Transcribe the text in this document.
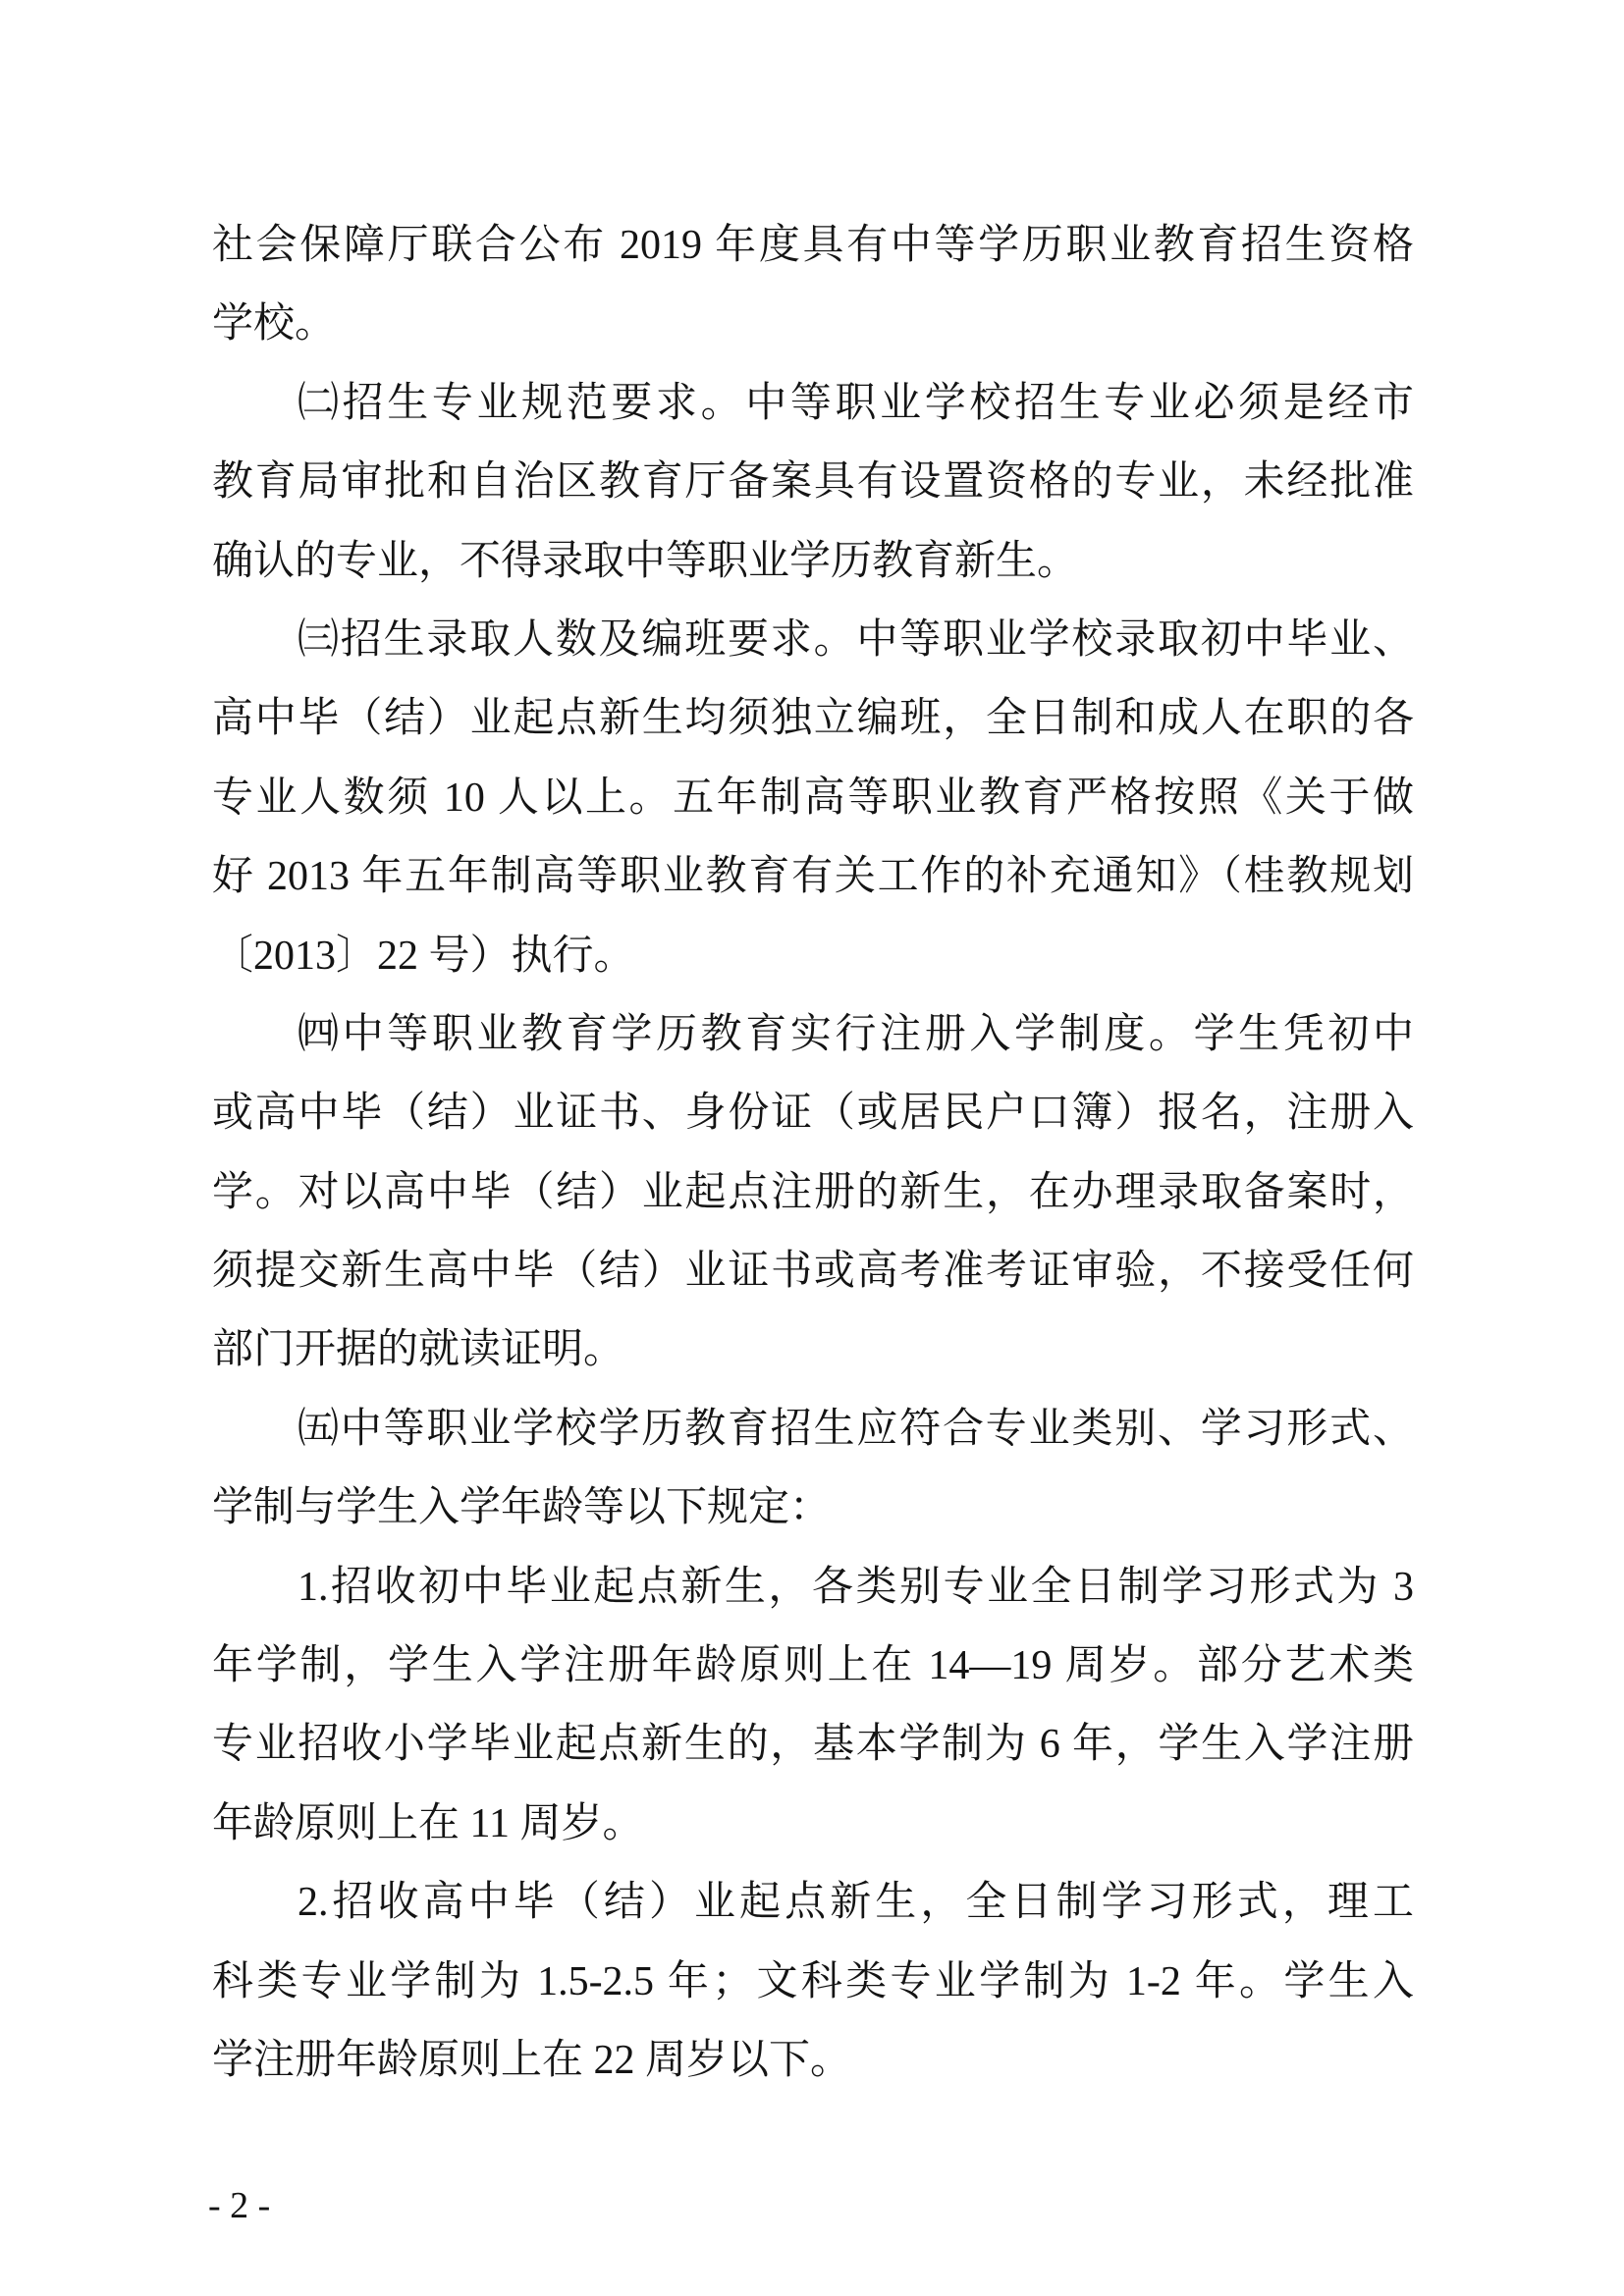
社会保障厅联合公布 2019 年度具有中等学历职业教育招生资格
学校。
㈡招生专业规范要求。中等职业学校招生专业必须是经市
教育局审批和自治区教育厅备案具有设置资格的专业，未经批准
确认的专业，不得录取中等职业学历教育新生。
㈢招生录取人数及编班要求。中等职业学校录取初中毕业、
高中毕（结）业起点新生均须独立编班，全日制和成人在职的各
专业人数须 10 人以上。五年制高等职业教育严格按照《关于做
好 2013 年五年制高等职业教育有关工作的补充通知》（桂教规划
〔2013〕22 号）执行。
㈣中等职业教育学历教育实行注册入学制度。学生凭初中
或高中毕（结）业证书、身份证（或居民户口簿）报名，注册入
学。对以高中毕（结）业起点注册的新生，在办理录取备案时，
须提交新生高中毕（结）业证书或高考准考证审验，不接受任何
部门开据的就读证明。
㈤中等职业学校学历教育招生应符合专业类别、学习形式、
学制与学生入学年龄等以下规定：
1.招收初中毕业起点新生，各类别专业全日制学习形式为 3
年学制，学生入学注册年龄原则上在 14—19 周岁。部分艺术类
专业招收小学毕业起点新生的，基本学制为 6 年，学生入学注册
年龄原则上在 11 周岁。
2.招收高中毕（结）业起点新生，全日制学习形式，理工
科类专业学制为 1.5-2.5 年；文科类专业学制为 1-2 年。学生入
学注册年龄原则上在 22 周岁以下。
- 2 -
